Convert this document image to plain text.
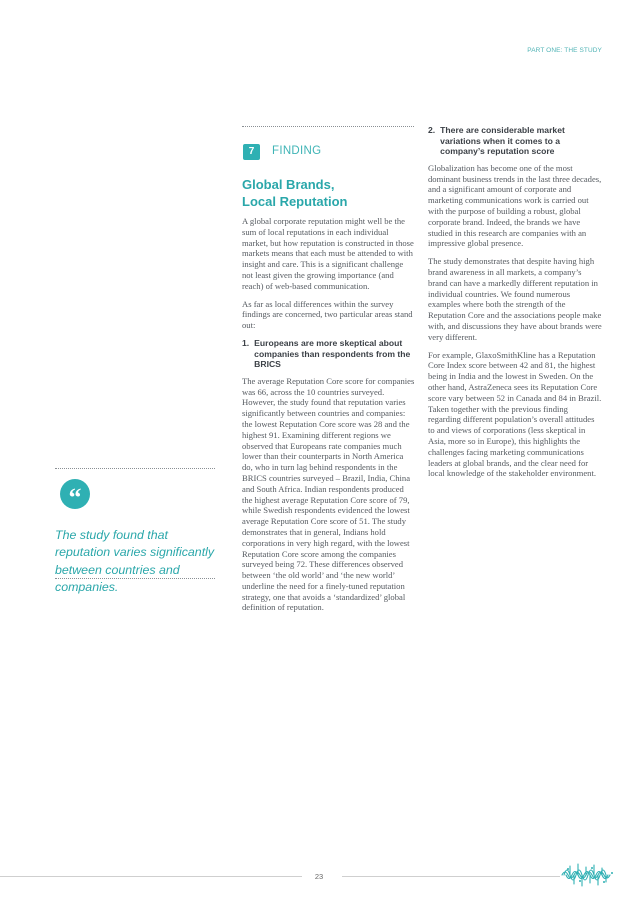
PART ONE: THE STUDY
7	FINDING
Global Brands,
Local Reputation

A global corporate reputation might well be the sum of local reputations in each individual market, but how reputation is constructed in those markets means that each must be attended to with insight and care. This is a significant challenge not least given the growing importance (and reach) of web-based communication.

As far as local differences within the survey findings are concerned, two particular areas stand out:

1. Europeans are more skeptical about companies than respondents from the BRICS

The average Reputation Core score for companies was 66, across the 10 countries surveyed. However, the study found that reputation varies significantly between countries and companies: the lowest Reputation Core score was 28 and the highest 91. Examining different regions we observed that Europeans rate companies much lower than their counterparts in North America do, who in turn lag behind respondents in the BRICS countries surveyed – Brazil, India, China and South Africa. Indian respondents produced the highest average Reputation Core score of 79, while Swedish respondents evidenced the lowest average Reputation Core score of 51. The study demonstrates that in general, Indians hold corporations in very high regard, with the lowest Reputation Core score among the companies surveyed being 72. These differences observed between ‘the old world’ and ‘the new world’ underline the need for a finely-tuned reputation strategy, one that avoids a ‘standardized’ global definition of reputation.

2. There are considerable market variations when it comes to a company’s reputation score

Globalization has become one of the most dominant business trends in the last three decades, and a significant amount of corporate and marketing communications work is carried out with the purpose of building a robust, global corporate brand. Indeed, the brands we have studied in this research are companies with an impressive global presence.

The study demonstrates that despite having high brand awareness in all markets, a company’s brand can have a markedly different reputation in individual countries. We found numerous examples where both the strength of the Reputation Core and the associations people make with, and discussions they have about brands were very different.

For example, GlaxoSmithKline has a Reputation Core Index score between 42 and 81, the highest being in India and the lowest in Sweden. On the other hand, AstraZeneca sees its Reputation Core score vary between 52 in Canada and 84 in Brazil. Taken together with the previous finding regarding different population’s overall attitudes to and views of corporations (less skeptical in Asia, more so in Europe), this highlights the challenges facing marketing communications leaders at global brands, and the clear need for local knowledge of the stakeholder environment.

“

The study found that reputation varies significantly between countries and companies.

23
